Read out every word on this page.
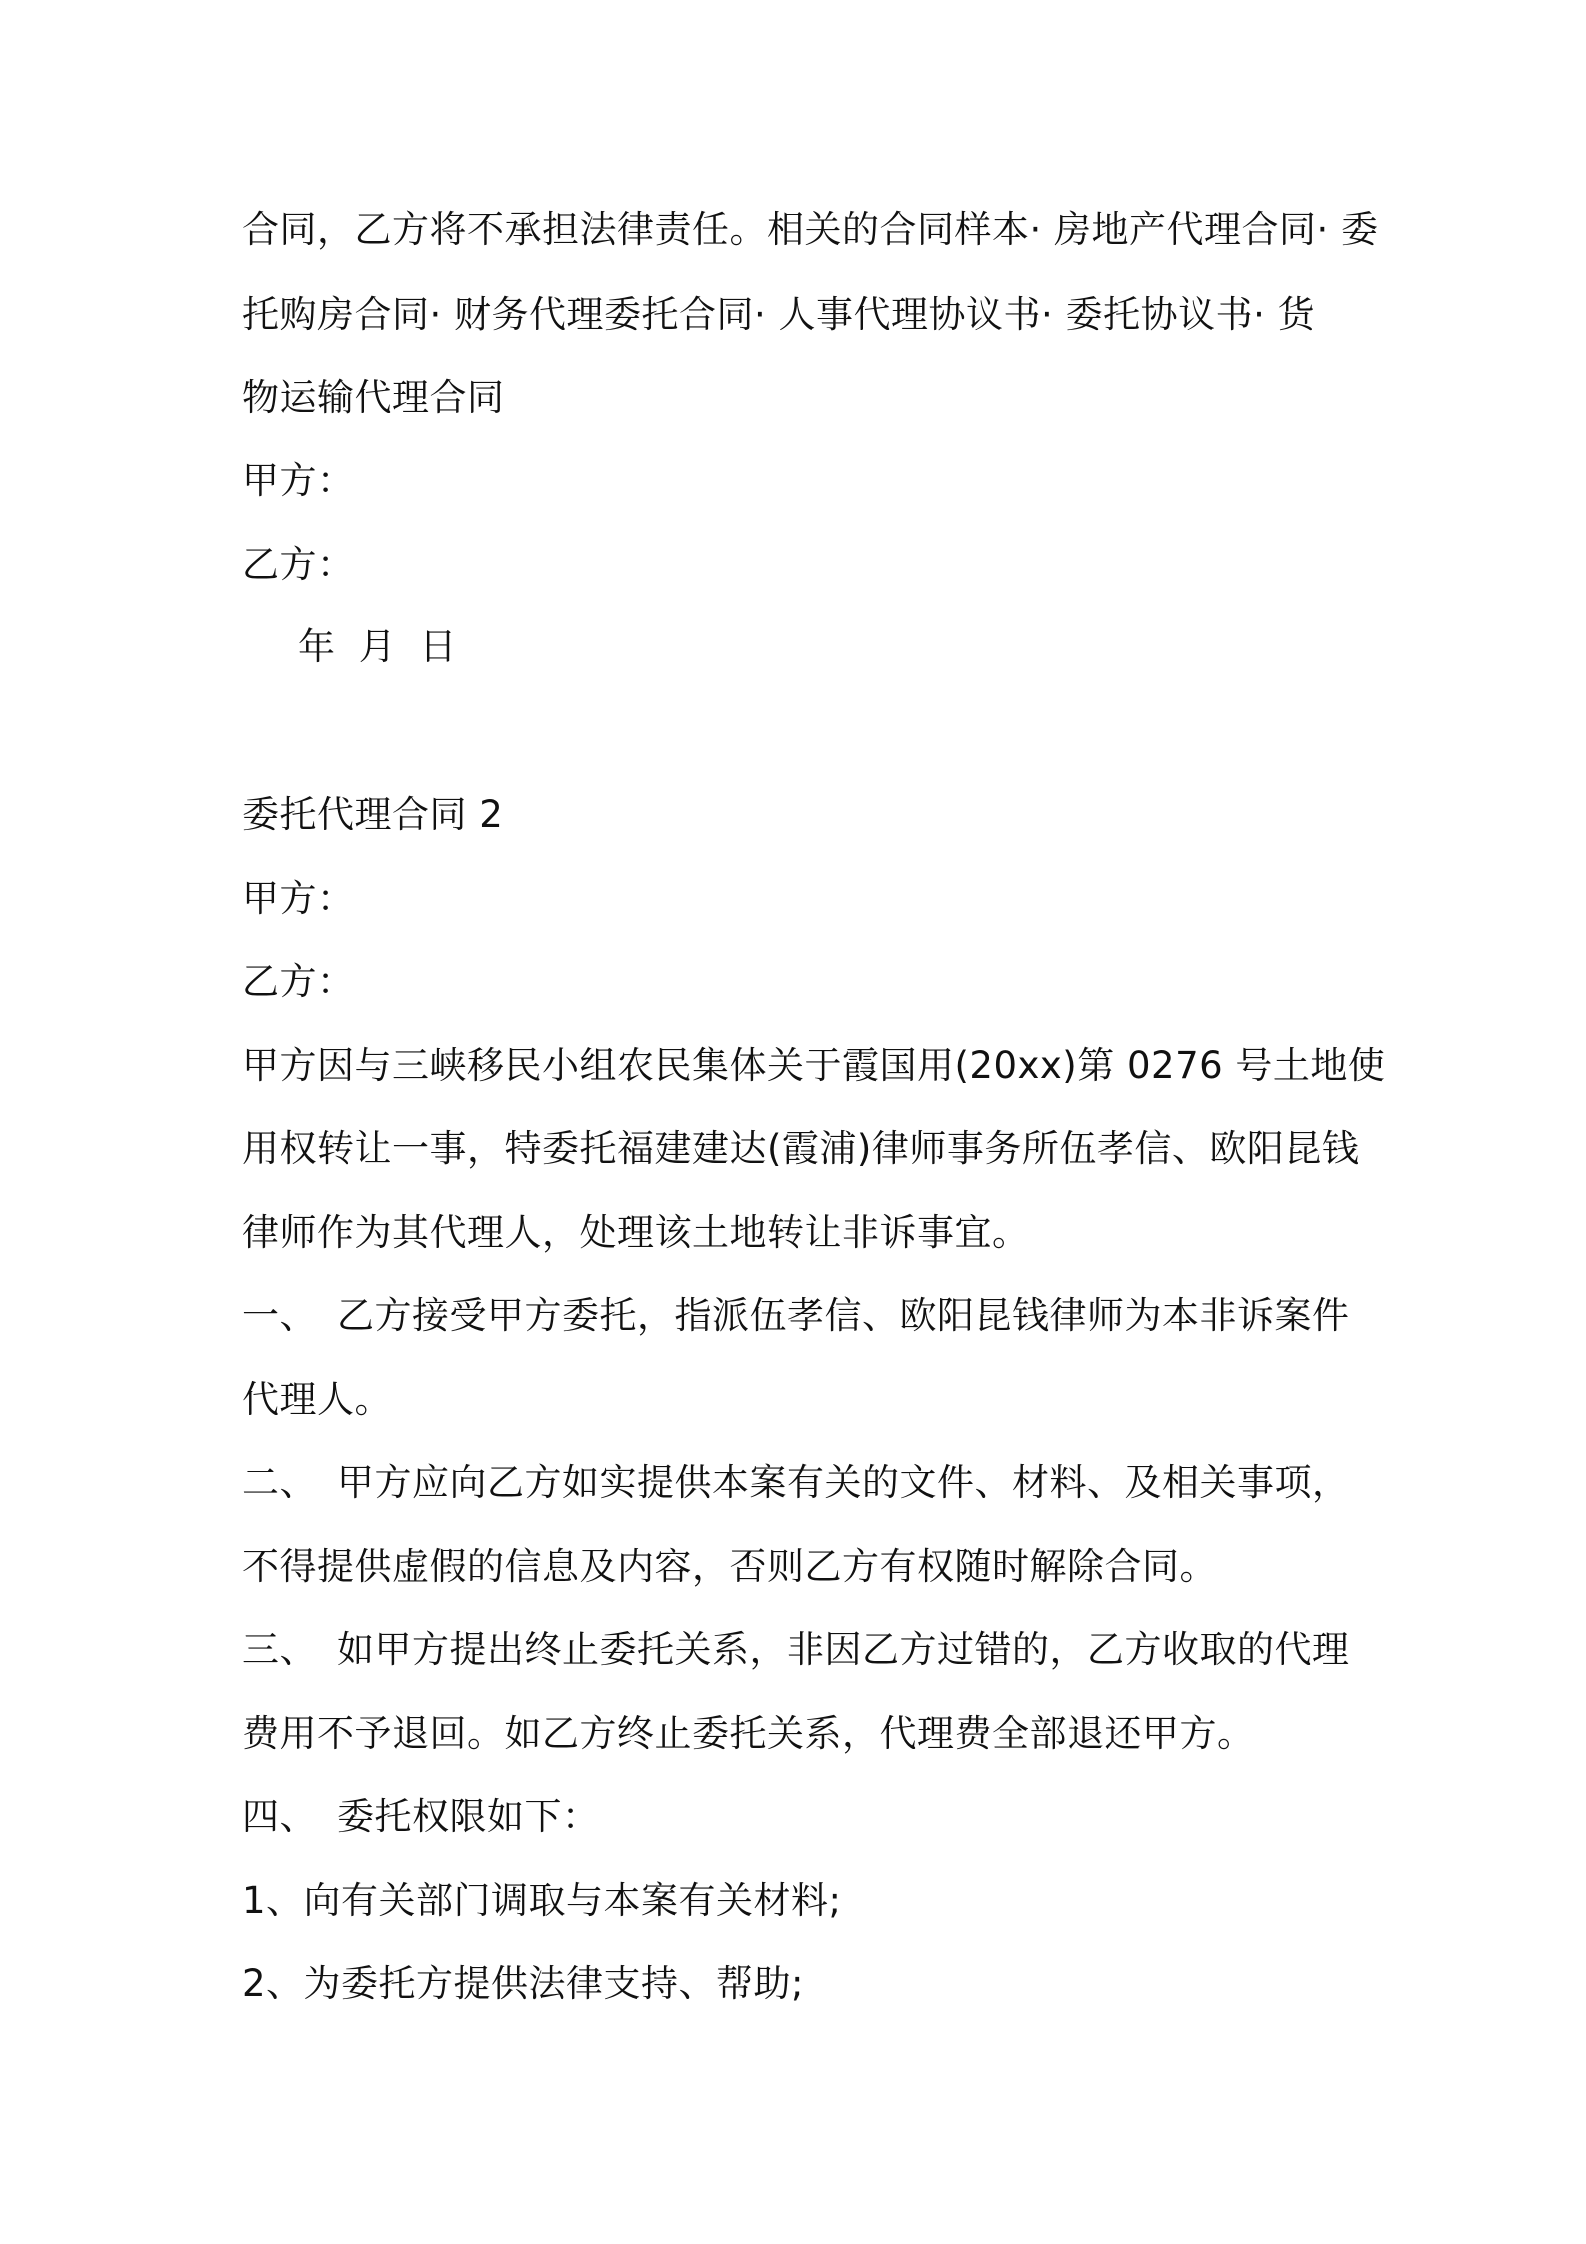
合同，乙方将不承担法律责任。相关的合同样本· 房地产代理合同· 委
托购房合同· 财务代理委托合同· 人事代理协议书· 委托协议书· 货
物运输代理合同
甲方：
乙方：
年 月 日
委托代理合同 2
甲方：
乙方：
甲方因与三峡移民小组农民集体关于霞国用(20xx)第 0276 号土地使
用权转让一事，特委托福建建达(霞浦)律师事务所伍孝信、欧阳昆钱
律师作为其代理人，处理该土地转让非诉事宜。
一、 乙方接受甲方委托，指派伍孝信、欧阳昆钱律师为本非诉案件
代理人。
二、 甲方应向乙方如实提供本案有关的文件、材料、及相关事项，
不得提供虚假的信息及内容，否则乙方有权随时解除合同。
三、 如甲方提出终止委托关系，非因乙方过错的，乙方收取的代理
费用不予退回。如乙方终止委托关系，代理费全部退还甲方。
四、 委托权限如下：
1、向有关部门调取与本案有关材料;
2、为委托方提供法律支持、帮助;
